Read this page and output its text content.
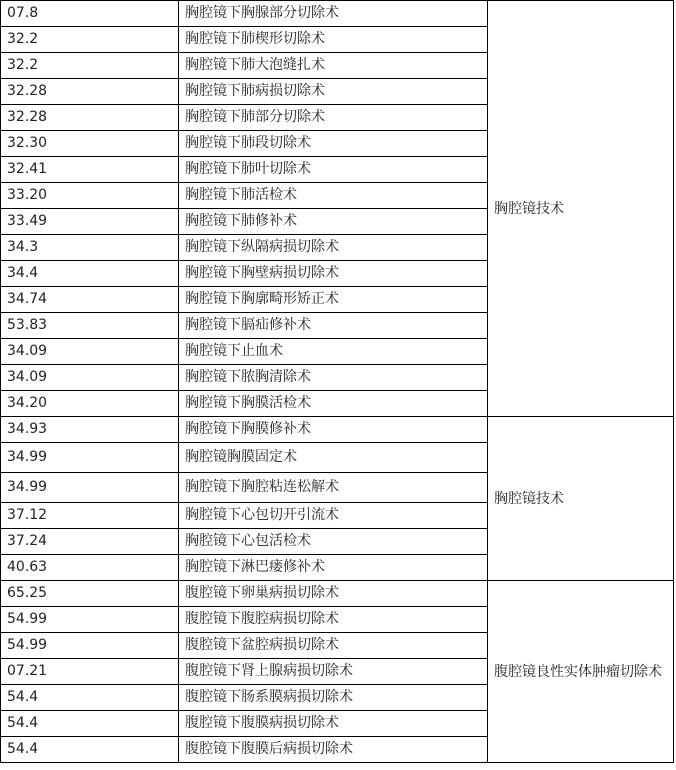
07.8	胸腔镜下胸腺部分切除术	胸腔镜技术
32.2	胸腔镜下肺楔形切除术	
32.2	胸腔镜下肺大泡缝扎术	
32.28	胸腔镜下肺病损切除术	
32.28	胸腔镜下肺部分切除术	
32.30	胸腔镜下肺段切除术	
32.41	胸腔镜下肺叶切除术	
33.20	胸腔镜下肺活检术	
33.49	胸腔镜下肺修补术	
34.3	胸腔镜下纵隔病损切除术	
34.4	胸腔镜下胸壁病损切除术	
34.74	胸腔镜下胸廓畸形矫正术	
53.83	胸腔镜下膈疝修补术	
34.09	胸腔镜下止血术	
34.09	胸腔镜下脓胸清除术	
34.20	胸腔镜下胸膜活检术	
34.93	胸腔镜下胸膜修补术	胸腔镜技术
34.99	胸腔镜胸膜固定术	
34.99	胸腔镜下胸腔粘连松解术	
37.12	胸腔镜下心包切开引流术	
37.24	胸腔镜下心包活检术	
40.63	胸腔镜下淋巴瘘修补术	
65.25	腹腔镜下卵巢病损切除术	腹腔镜良性实体肿瘤切除术
54.99	腹腔镜下腹腔病损切除术	
54.99	腹腔镜下盆腔病损切除术	
07.21	腹腔镜下肾上腺病损切除术	
54.4	腹腔镜下肠系膜病损切除术	
54.4	腹腔镜下腹膜病损切除术	
54.4	腹腔镜下腹膜后病损切除术	
